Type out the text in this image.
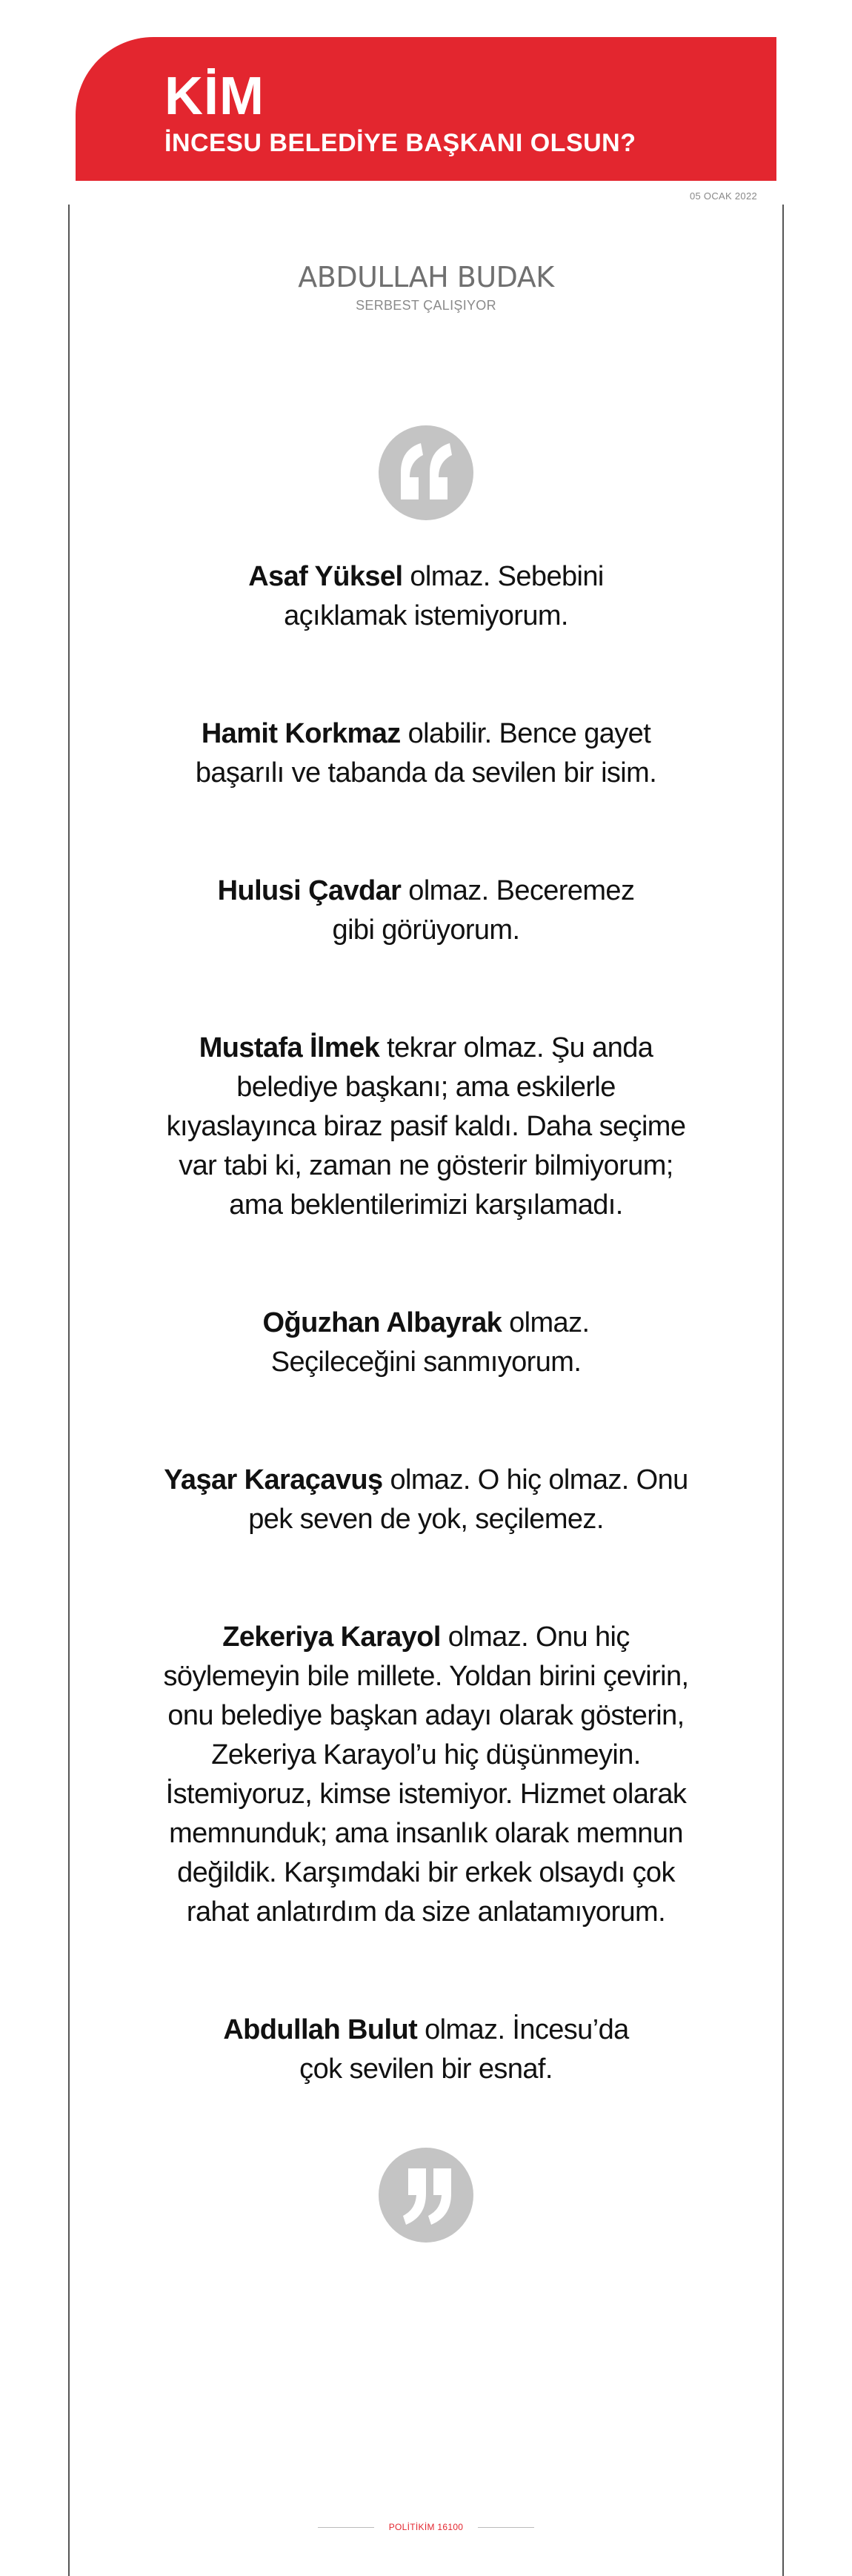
KİM
İNCESU BELEDİYE BAŞKANI OLSUN?
05 OCAK 2022
ABDULLAH BUDAK
SERBEST ÇALIŞIYOR
Asaf Yüksel olmaz. Sebebini
açıklamak istemiyorum.
Hamit Korkmaz olabilir. Bence gayet
başarılı ve tabanda da sevilen bir isim.
Hulusi Çavdar olmaz. Beceremez
gibi görüyorum.
Mustafa İlmek tekrar olmaz. Şu anda
belediye başkanı; ama eskilerle
kıyaslayınca biraz pasif kaldı. Daha seçime
var tabi ki, zaman ne gösterir bilmiyorum;
ama beklentilerimizi karşılamadı.
Oğuzhan Albayrak olmaz.
Seçileceğini sanmıyorum.
Yaşar Karaçavuş olmaz. O hiç olmaz. Onu
pek seven de yok, seçilemez.
Zekeriya Karayol olmaz. Onu hiç
söylemeyin bile millete. Yoldan birini çevirin,
onu belediye başkan adayı olarak gösterin,
Zekeriya Karayol’u hiç düşünmeyin.
İstemiyoruz, kimse istemiyor. Hizmet olarak
memnunduk; ama insanlık olarak memnun
değildik. Karşımdaki bir erkek olsaydı çok
rahat anlatırdım da size anlatamıyorum.
Abdullah Bulut olmaz. İncesu’da
çok sevilen bir esnaf.
POLİTİKİM 16100
